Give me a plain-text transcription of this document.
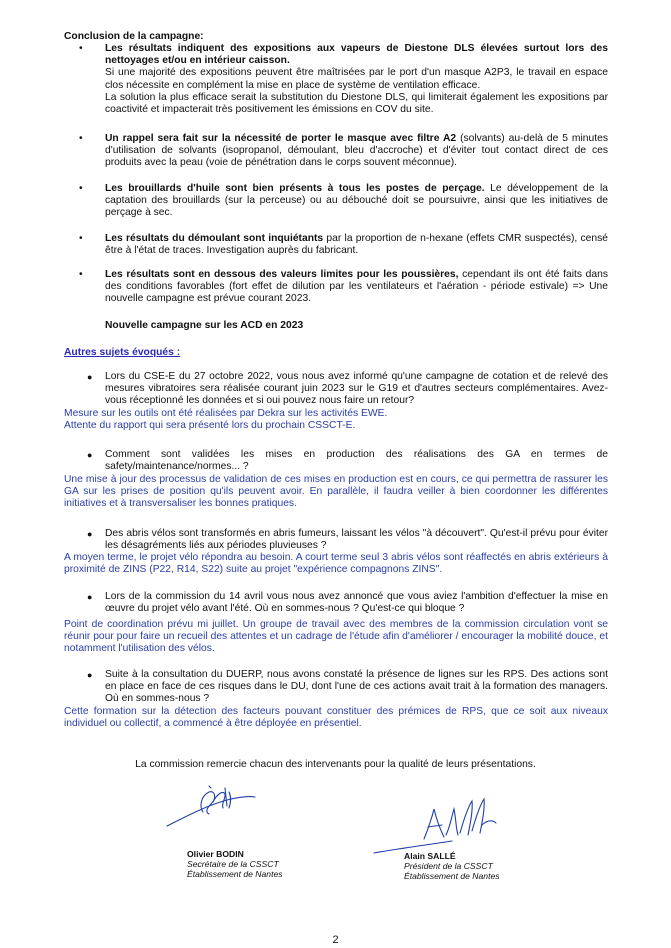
Conclusion de la campagne:
• Les résultats indiquent des expositions aux vapeurs de Diestone DLS élevées surtout lors des nettoyages et/ou en intérieur caisson.

Si une majorité des expositions peuvent être maîtrisées par le port d'un masque A2P3, le travail en espace clos nécessite en complément la mise en place de système de ventilation efficace.

La solution la plus efficace serait la substitution du Diestone DLS, qui limiterait également les expositions par coactivité et impacterait très positivement les émissions en COV du site.

• Un rappel sera fait sur la nécessité de porter le masque avec filtre A2 (solvants) au-delà de 5 minutes d'utilisation de solvants (isopropanol, démoulant, bleu d'accroche) et d'éviter tout contact direct de ces produits avec la peau (voie de pénétration dans le corps souvent méconnue).

• Les brouillards d'huile sont bien présents à tous les postes de perçage. Le développement de la captation des brouillards (sur la perceuse) ou au débouché doit se poursuivre, ainsi que les initiatives de perçage à sec.

• Les résultats du démoulant sont inquiétants par la proportion de n-hexane (effets CMR suspectés), censé être à l'état de traces. Investigation auprès du fabricant.

• Les résultats sont en dessous des valeurs limites pour les poussières, cependant ils ont été faits dans des conditions favorables (fort effet de dilution par les ventilateurs et l'aération - période estivale) => Une nouvelle campagne est prévue courant 2023.

Nouvelle campagne sur les ACD en 2023
Autres sujets évoqués :
● Lors du CSE-E du 27 octobre 2022, vous nous avez informé qu'une campagne de cotation et de relevé des mesures vibratoires sera réalisée courant juin 2023 sur le G19 et d'autres secteurs complémentaires. Avez-vous réceptionné les données et si oui pouvez nous faire un retour?

Mesure sur les outils ont été réalisées par Dekra sur les activités EWE.

Attente du rapport qui sera présenté lors du prochain CSSCT-E.

● Comment sont validées les mises en production des réalisations des GA en termes de safety/maintenance/normes... ?

Une mise à jour des processus de validation de ces mises en production est en cours, ce qui permettra de rassurer les GA sur les prises de position qu'ils peuvent avoir. En parallèle, il faudra veiller à bien coordonner les différentes initiatives et à transversaliser les bonnes pratiques.

● Des abris vélos sont transformés en abris fumeurs, laissant les vélos "à découvert". Qu'est-il prévu pour éviter les désagréments liés aux périodes pluvieuses ?

A moyen terme, le projet vélo répondra au besoin. A court terme seul 3 abris vélos sont réaffectés en abris extérieurs à proximité de ZINS (P22, R14, S22) suite au projet "expérience compagnons ZINS".

● Lors de la commission du 14 avril vous nous avez annoncé que vous aviez l'ambition d'effectuer la mise en œuvre du projet vélo avant l'été. Où en sommes-nous ? Qu'est-ce qui bloque ?

Point de coordination prévu mi juillet. Un groupe de travail avec des membres de la commission circulation vont se réunir pour pour faire un recueil des attentes et un cadrage de l'étude afin d'améliorer / encourager la mobilité douce, et notamment l'utilisation des vélos.

● Suite à la consultation du DUERP, nous avons constaté la présence de lignes sur les RPS. Des actions sont en place en face de ces risques dans le DU, dont l'une de ces actions avait trait à la formation des managers. Où en sommes-nous ?

Cette formation sur la détection des facteurs pouvant constituer des prémices de RPS, que ce soit aux niveaux individuel ou collectif, a commencé à être déployée en présentiel.

La commission remercie chacun des intervenants pour la qualité de leurs présentations.
Olivier BODIN
Secrétaire de la CSSCT
Établissement de Nantes
Alain SALLÉ
Président de la CSSCT
Établissement de Nantes
2
